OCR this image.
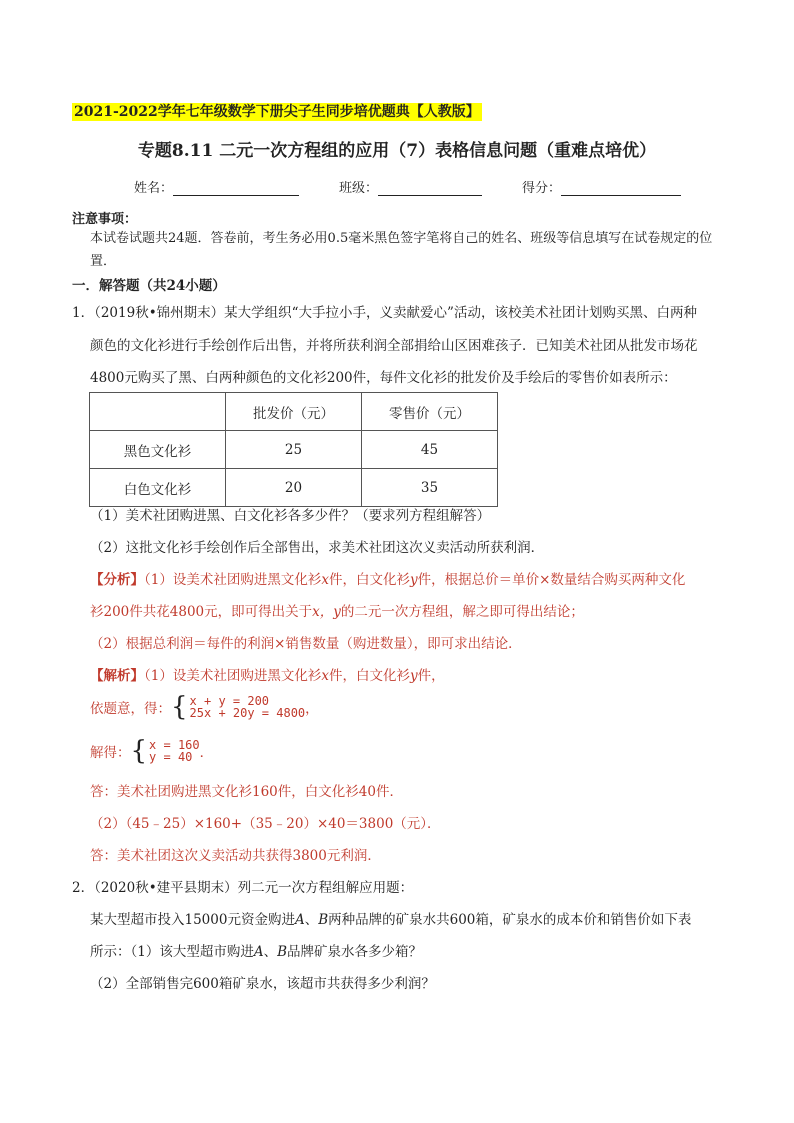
2021-2022学年七年级数学下册尖子生同步培优题典【人教版】
专题8.11 二元一次方程组的应用（7）表格信息问题（重难点培优）
姓名：	班级：	得分：
注意事项：
本试卷试题共24题．答卷前，考生务必用0.5毫米黑色签字笔将自己的姓名、班级等信息填写在试卷规定的位置．
一．解答题（共24小题）
1．（2019秋•锦州期末）某大学组织“大手拉小手，义卖献爱心”活动，该校美术社团计划购买黑、白两种
颜色的文化衫进行手绘创作后出售，并将所获利润全部捐给山区困难孩子．已知美术社团从批发市场花
4800元购买了黑、白两种颜色的文化衫200件，每件文化衫的批发价及手绘后的零售价如表所示：
	批发价（元）	零售价（元）
黑色文化衫	25	45
白色文化衫	20	35
（1）美术社团购进黑、白文化衫各多少件？（要求列方程组解答）
（2）这批文化衫手绘创作后全部售出，求美术社团这次义卖活动所获利润．
【分析】（1）设美术社团购进黑文化衫x件，白文化衫y件，根据总价＝单价×数量结合购买两种文化
衫200件共花4800元，即可得出关于x，y的二元一次方程组，解之即可得出结论；
（2）根据总利润＝每件的利润×销售数量（购进数量），即可求出结论．
【解析】（1）设美术社团购进黑文化衫x件，白文化衫y件，
依题意，得：{ x + y = 200
25x + 20y = 4800 ，
解得：{ x = 160
y = 40 ．
答：美术社团购进黑文化衫160件，白文化衫40件．
（2）（45﹣25）×160+（35﹣20）×40＝3800（元）．
答：美术社团这次义卖活动共获得3800元利润．
2．（2020秋•建平县期末）列二元一次方程组解应用题：
某大型超市投入15000元资金购进A、B两种品牌的矿泉水共600箱，矿泉水的成本价和销售价如下表
所示：（1）该大型超市购进A、B品牌矿泉水各多少箱？
（2）全部销售完600箱矿泉水，该超市共获得多少利润？
